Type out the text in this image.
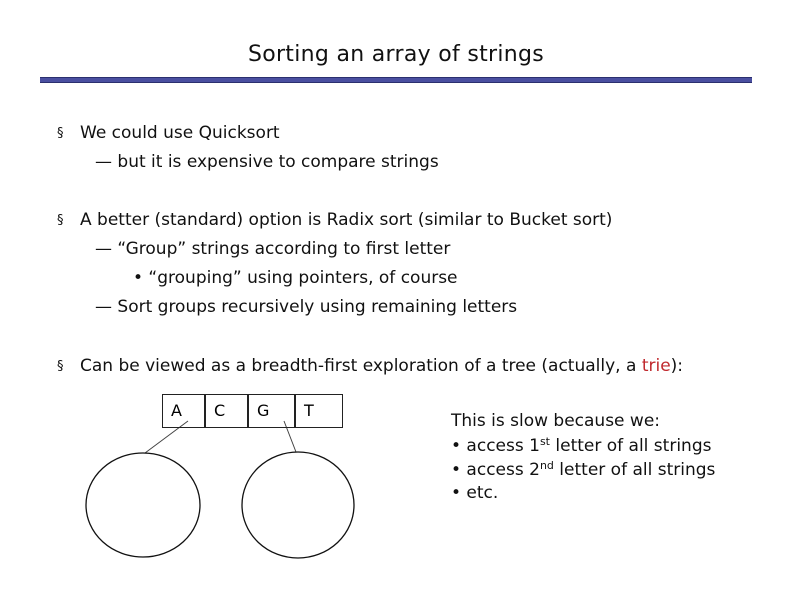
Sorting an array of strings
§ We could use Quicksort
— but it is expensive to compare strings
§ A better (standard) option is Radix sort (similar to Bucket sort)
— “Group” strings according to first letter
• “grouping” using pointers, of course
— Sort groups recursively using remaining letters
§ Can be viewed as a breadth-first exploration of a tree (actually, a trie):
A	C	G	T
This is slow because we:
• access 1st letter of all strings
• access 2nd letter of all strings
• etc.
